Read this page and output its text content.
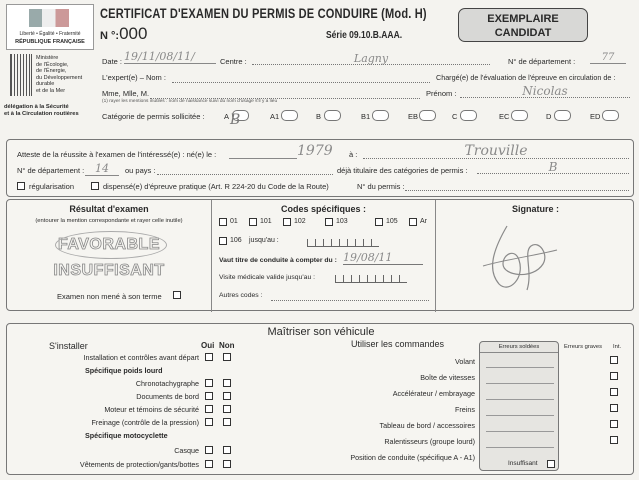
Liberté • Égalité • Fraternité
RÉPUBLIQUE FRANÇAISE
Ministère
de l'Écologie,
de l'Énergie,
du Développement
durable
et de la Mer
délégation à la Sécurité
et à la Circulation routières
CERTIFICAT D'EXAMEN DU PERMIS DE CONDUIRE (Mod. H)
N °:000	Série 09.10.B.AAA.
EXEMPLAIRE
CANDIDAT
Date : 19/11/08/11/	Centre :	Lagny	N° de département :	77
L'expert(e) – Nom :	Chargé(e) de l'évaluation de l'épreuve en circulation de :
Mme, Mlle, M.
(1) rayer les mentions inutiles : nom de naissance suivi du nom d'usage s'il y a lieu
Prénom :	Nicolas
Catégorie de permis sollicitée :	A	A1	B	B1	EB	C	EC	D	ED
B
Atteste de la réussite à l'examen de l'intéressé(e) : né(e) le :	1979 à :	Trouville
N° de département : 14	ou pays :	déjà titulaire des catégories de permis :	B
régularisation	dispensé(e) d'épreuve pratique (Art. R 224-20 du Code de la Route)	N° du permis :
Résultat d'examen
(entourer la mention correspondante et rayer celle inutile)
FAVORABLE
INSUFFISANT
Examen non mené à son terme
Codes spécifiques :
01	101	102	103	105	Ar
106 jusqu'au :
Vaut titre de conduite à compter du : 19/08/11
Visite médicale valide jusqu'au :
Autres codes :
Signature :
Maîtriser son véhicule
S'installer	Oui Non
Installation et contrôles avant départ
Spécifique poids lourd
Chronotachygraphe
Documents de bord
Moteur et témoins de sécurité
Freinage (contrôle de la pression)
Spécifique motocyclette
Casque
Vêtements de protection/gants/bottes
Utiliser les commandes
Volant
Boîte de vitesses
Accélérateur / embrayage
Freins
Tableau de bord / accessoires
Ralentisseurs (groupe lourd)
Position de conduite (spécifique A - A1)
Erreurs soldées
Insuffisant
Erreurs graves Int.
